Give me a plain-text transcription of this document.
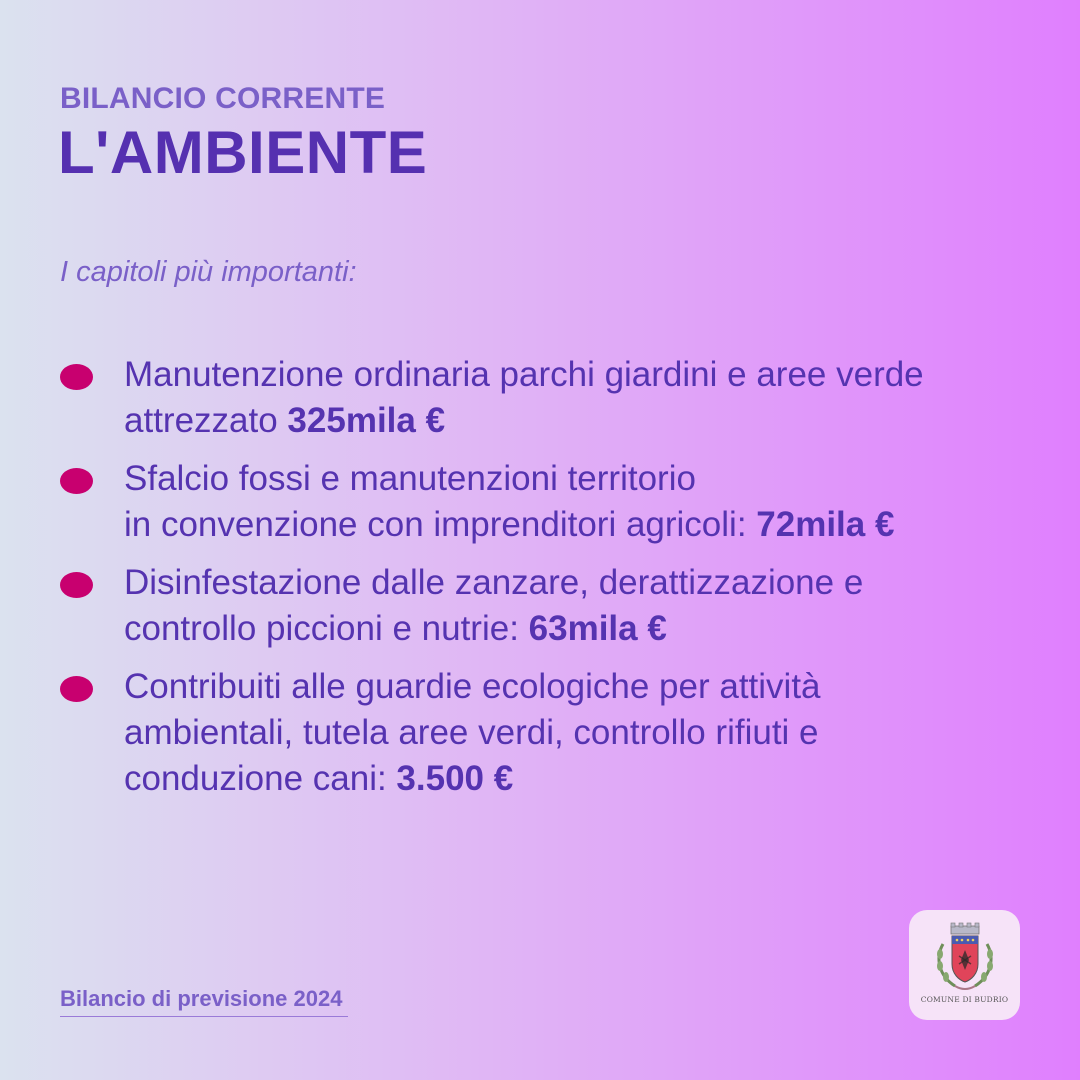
BILANCIO CORRENTE
L'AMBIENTE
I capitoli più importanti:
Manutenzione ordinaria parchi giardini e aree verde
attrezzato 325mila €
Sfalcio fossi e manutenzioni territorio
in convenzione con imprenditori agricoli: 72mila €
Disinfestazione dalle zanzare, derattizzazione e
controllo piccioni e nutrie: 63mila €
Contribuiti alle guardie ecologiche per attività
ambientali, tutela aree verdi, controllo rifiuti e
conduzione cani: 3.500 €
Bilancio di previsione 2024	COMUNE DI BUDRIO
